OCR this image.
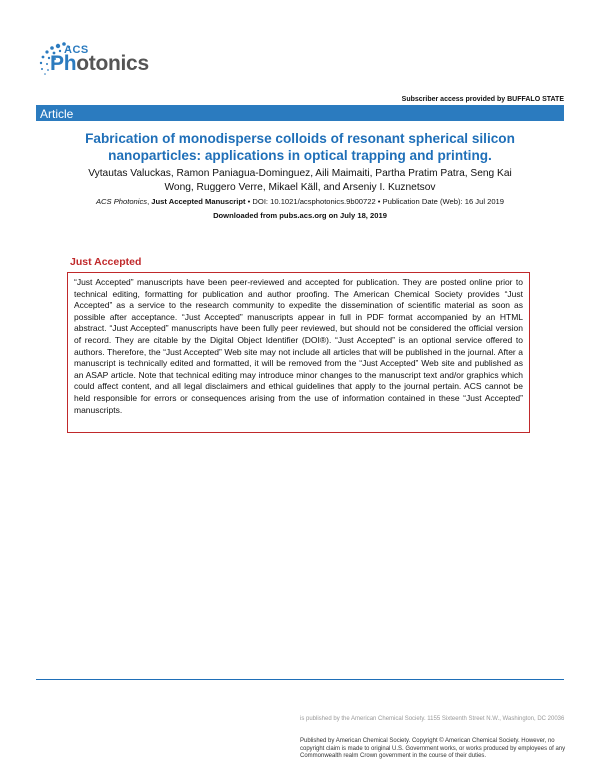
ACS
Photonics
Subscriber access provided by BUFFALO STATE
Article
Fabrication of monodisperse colloids of resonant spherical silicon nanoparticles: applications in optical trapping and printing.
Vytautas Valuckas, Ramon Paniagua-Dominguez, Aili Maimaiti, Partha Pratim Patra, Seng Kai Wong, Ruggero Verre, Mikael Käll, and Arseniy I. Kuznetsov
ACS Photonics, Just Accepted Manuscript • DOI: 10.1021/acsphotonics.9b00722 • Publication Date (Web): 16 Jul 2019
Downloaded from pubs.acs.org on July 18, 2019
Just Accepted

“Just Accepted” manuscripts have been peer-reviewed and accepted for publication. They are posted online prior to technical editing, formatting for publication and author proofing. The American Chemical Society provides “Just Accepted” as a service to the research community to expedite the dissemination of scientific material as soon as possible after acceptance. “Just Accepted” manuscripts appear in full in PDF format accompanied by an HTML abstract. “Just Accepted” manuscripts have been fully peer reviewed, but should not be considered the official version of record. They are citable by the Digital Object Identifier (DOI®). “Just Accepted” is an optional service offered to authors. Therefore, the “Just Accepted” Web site may not include all articles that will be published in the journal. After a manuscript is technically edited and formatted, it will be removed from the “Just Accepted” Web site and published as an ASAP article. Note that technical editing may introduce minor changes to the manuscript text and/or graphics which could affect content, and all legal disclaimers and ethical guidelines that apply to the journal pertain. ACS cannot be held responsible for errors or consequences arising from the use of information contained in these “Just Accepted” manuscripts.

is published by the American Chemical Society. 1155 Sixteenth Street N.W., Washington, DC 20036
Published by American Chemical Society. Copyright © American Chemical Society. However, no copyright claim is made to original U.S. Government works, or works produced by employees of any Commonwealth realm Crown government in the course of their duties.
